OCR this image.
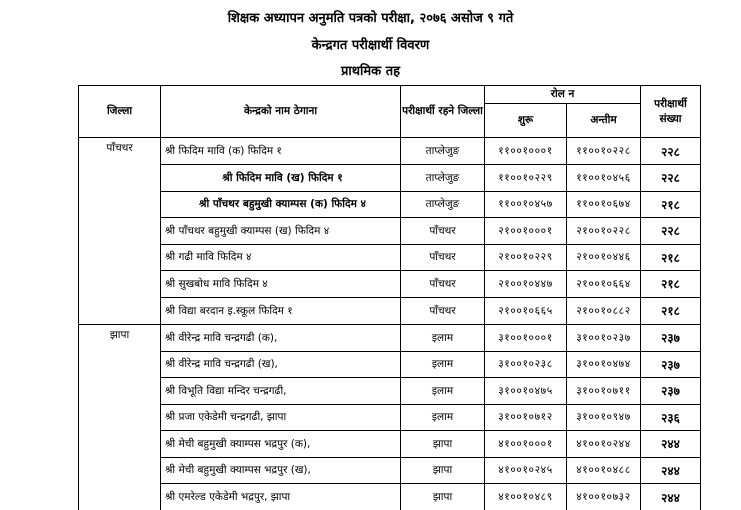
शिक्षक अध्यापन अनुमति पत्रको परीक्षा, २०७६ असोज ९ गते
केन्द्रगत परीक्षार्थी विवरण
प्राथमिक तह
जिल्ला	केन्द्रको नाम ठेगाना	परीक्षार्थी रहने जिल्ला	रोल न		परीक्षार्थी संख्या
			शुरू	अन्तीम	
पाँचथर	श्री फिदिम मावि (क) फिदिम १	ताप्लेजुङ	११००१०००१	११००१०२२८	२२८
	श्री फिदिम मावि (ख) फिदिम १	ताप्लेजुङ	११००१०२२९	११००१०४५६	२२८
	श्री पाँचथर बहुमुखी क्याम्पस (क) फिदिम ४	ताप्लेजुङ	११००१०४५७	११००१०६७४	२१८
	श्री पाँचथर बहुमुखी क्याम्पस (ख) फिदिम ४	पाँचथर	२१००१०००१	२१००१०२२८	२२८
	श्री गढी मावि फिदिम ४	पाँचथर	२१००१०२२९	२१००१०४४६	२१८
	श्री सुखबोध मावि फिदिम ४	पाँचथर	२१००१०४४७	२१००१०६६४	२१८
	श्री विद्या बरदान इ.स्कूल फिदिम १	पाँचथर	२१००१०६६५	२१००१०८८२	२१८
झापा	श्री वीरेन्द्र मावि चन्द्रगढी (क),	इलाम	३१००१०००१	३१००१०२३७	२३७
	श्री वीरेन्द्र मावि चन्द्रगढी (ख),	इलाम	३१००१०२३८	३१००१०४७४	२३७
	श्री विभूति विद्या मन्दिर चन्द्रगढी,	इलाम	३१००१०४७५	३१००१०७११	२३७
	श्री प्रजा एकेडेमी चन्द्रगढी, झापा	इलाम	३१००१०७१२	३१००१०९४७	२३६
	श्री मेची बहुमुखी क्याम्पस भद्रपुर (क),	झापा	४१००१०००१	४१००१०२४४	२४४
	श्री मेची बहुमुखी क्याम्पस भद्रपुर (ख),	झापा	४१००१०२४५	४१००१०४८८	२४४
	श्री एमरेल्ड एकेडेमी भद्रपुर, झापा	झापा	४१००१०४८९	४१००१०७३२	२४४
